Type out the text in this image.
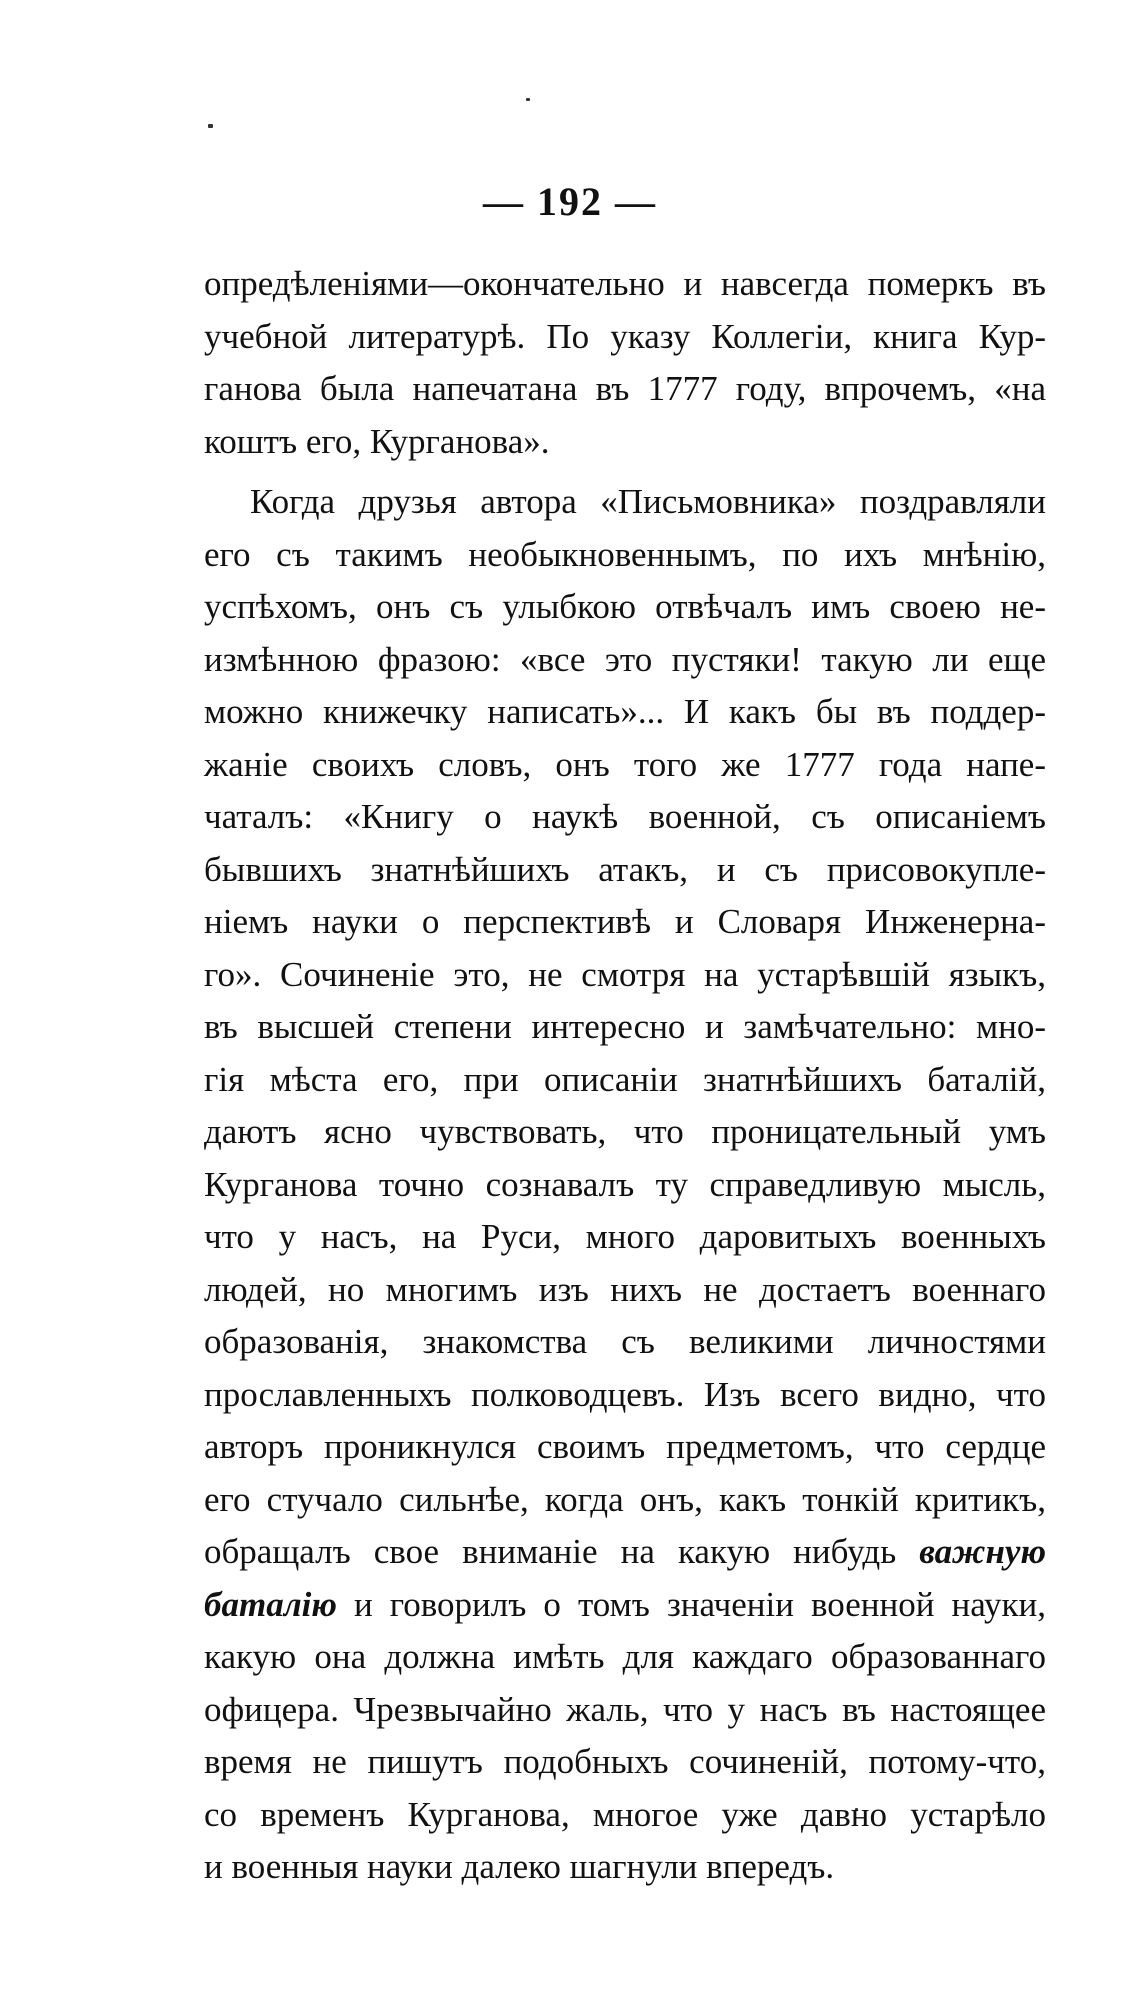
— 192 —
опредѣленіями—окончательно и навсегда померкъ въ
учебной литературѣ. По указу Коллегіи, книга Кур-
ганова была напечатана въ 1777 году, впрочемъ, «на
коштъ его, Курганова».
Когда друзья автора «Письмовника» поздравляли
его съ такимъ необыкновеннымъ, по ихъ мнѣнію,
успѣхомъ, онъ съ улыбкою отвѣчалъ имъ своею не-
измѣнною фразою: «все это пустяки! такую ли еще
можно книжечку написать»... И какъ бы въ поддер-
жаніе своихъ словъ, онъ того же 1777 года напе-
чаталъ: «Книгу о наукѣ военной, съ описаніемъ
бывшихъ знатнѣйшихъ атакъ, и съ присовокупле-
ніемъ науки о перспективѣ и Словаря Инженерна-
го». Сочиненіе это, не смотря на устарѣвшій языкъ,
въ высшей степени интересно и замѣчательно: мно-
гія мѣста его, при описаніи знатнѣйшихъ баталій,
даютъ ясно чувствовать, что проницательный умъ
Курганова точно сознавалъ ту справедливую мысль,
что у насъ, на Руси, много даровитыхъ военныхъ
людей, но многимъ изъ нихъ не достаетъ военнаго
образованія, знакомства съ великими личностями
прославленныхъ полководцевъ. Изъ всего видно, что
авторъ проникнулся своимъ предметомъ, что сердце
его стучало сильнѣе, когда онъ, какъ тонкій критикъ,
обращалъ свое вниманіе на какую нибудь важную
баталію и говорилъ о томъ значеніи военной науки,
какую она должна имѣть для каждаго образованнаго
офицера. Чрезвычайно жаль, что у насъ въ настоящее
время не пишутъ подобныхъ сочиненій, потому-что,
со временъ Курганова, многое уже давно устарѣло
и военныя науки далеко шагнули впередъ.
